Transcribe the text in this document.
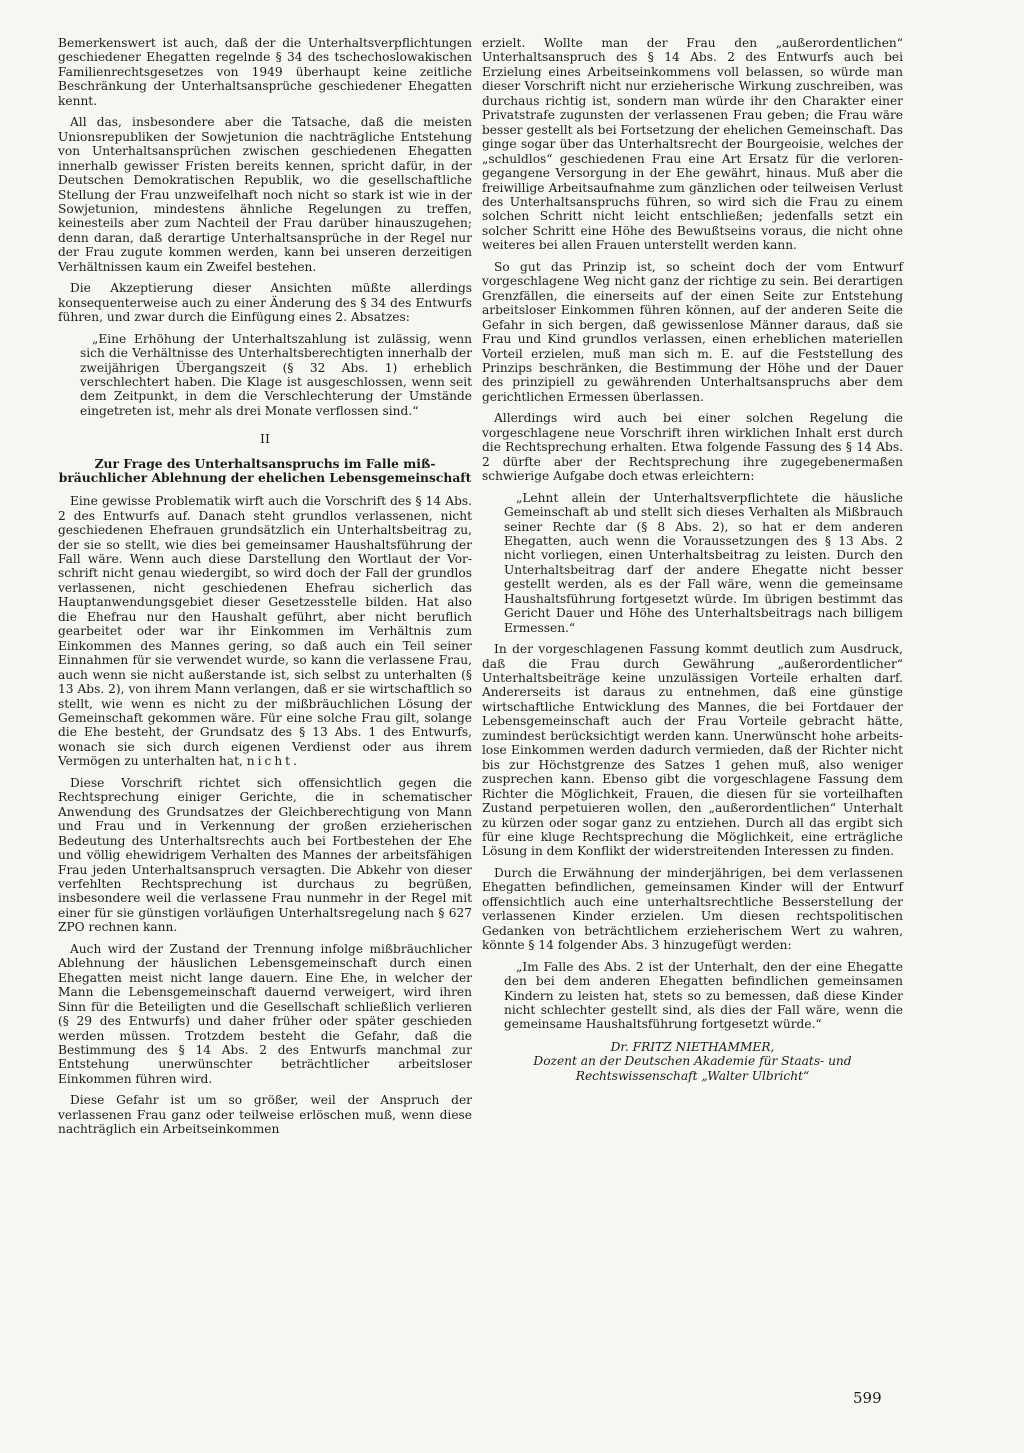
Bemerkenswert ist auch, daß der die Unterhaltsverpflichtungen geschiedener Ehegatten regelnde § 34 des tschechoslowakischen Familienrechtsgesetzes von 1949 überhaupt keine zeitliche Beschränkung der Unterhaltsansprüche geschiedener Ehegatten kennt.

All das, insbesondere aber die Tatsache, daß die meisten Unionsrepubliken der Sowjetunion die nachträgliche Entstehung von Unterhaltsansprüchen zwischen geschiedenen Ehegatten innerhalb gewisser Fristen bereits kennen, spricht dafür, in der Deutschen Demokratischen Republik, wo die gesellschaftliche Stellung der Frau unzweifelhaft noch nicht so stark ist wie in der Sowjetunion, mindestens ähnliche Regelungen zu treffen, keinesteils aber zum Nachteil der Frau darüber hinauszugehen; denn daran, daß derartige Unterhaltsansprüche in der Regel nur der Frau zugute kommen werden, kann bei unseren derzeitigen Verhältnissen kaum ein Zweifel bestehen.

Die Akzeptierung dieser Ansichten müßte allerdings konsequenterweise auch zu einer Änderung des § 34 des Entwurfs führen, und zwar durch die Einfügung eines 2. Absatzes:

„Eine Erhöhung der Unterhaltszahlung ist zulässig, wenn sich die Verhältnisse des Unterhaltsberechtigten innerhalb der zweijährigen Übergangszeit (§ 32 Abs. 1) erheblich verschlechtert haben. Die Klage ist ausgeschlossen, wenn seit dem Zeitpunkt, in dem die Verschlechterung der Umstände eingetreten ist, mehr als drei Monate verflossen sind.“

II
Zur Frage des Unterhaltsanspruchs im Falle mißbräuchlicher Ablehnung der ehelichen Lebensgemeinschaft

Eine gewisse Problematik wirft auch die Vorschrift des § 14 Abs. 2 des Entwurfs auf. Danach steht grundlos verlassenen, nicht geschiedenen Ehefrauen grundsätzlich ein Unterhaltsbeitrag zu, der sie so stellt, wie dies bei gemeinsamer Haushaltsführung der Fall wäre. Wenn auch diese Darstellung den Wortlaut der Vorschrift nicht genau wiedergibt, so wird doch der Fall der grundlos verlassenen, nicht geschiedenen Ehefrau sicherlich das Hauptanwendungsgebiet dieser Gesetzesstelle bilden. Hat also die Ehefrau nur den Haushalt geführt, aber nicht beruflich gearbeitet oder war ihr Einkommen im Verhältnis zum Einkommen des Mannes gering, so daß auch ein Teil seiner Einnahmen für sie verwendet wurde, so kann die verlassene Frau, auch wenn sie nicht außerstande ist, sich selbst zu unterhalten (§ 13 Abs. 2), von ihrem Mann verlangen, daß er sie wirtschaftlich so stellt, wie wenn es nicht zu der mißbräuchlichen Lösung der Gemeinschaft gekommen wäre. Für eine solche Frau gilt, solange die Ehe besteht, der Grundsatz des § 13 Abs. 1 des Entwurfs, wonach sie sich durch eigenen Verdienst oder aus ihrem Vermögen zu unterhalten hat, nicht.

Diese Vorschrift richtet sich offensichtlich gegen die Rechtsprechung einiger Gerichte, die in schematischer Anwendung des Grundsatzes der Gleichberechtigung von Mann und Frau und in Verkennung der großen erzieherischen Bedeutung des Unterhaltsrechts auch bei Fortbestehen der Ehe und völlig ehewidrigem Verhalten des Mannes der arbeitsfähigen Frau jeden Unterhaltsanspruch versagten. Die Abkehr von dieser verfehlten Rechtsprechung ist durchaus zu begrüßen, insbesondere weil die verlassene Frau nunmehr in der Regel mit einer für sie günstigen vorläufigen Unterhaltsregelung nach § 627 ZPO rechnen kann.

Auch wird der Zustand der Trennung infolge mißbräuchlicher Ablehnung der häuslichen Lebensgemeinschaft durch einen Ehegatten meist nicht lange dauern. Eine Ehe, in welcher der Mann die Lebensgemeinschaft dauernd verweigert, wird ihren Sinn für die Beteiligten und die Gesellschaft schließlich verlieren (§ 29 des Entwurfs) und daher früher oder später geschieden werden müssen. Trotzdem besteht die Gefahr, daß die Bestimmung des § 14 Abs. 2 des Entwurfs manchmal zur Entstehung unerwünschter beträchtlicher arbeitsloser Einkommen führen wird.

Diese Gefahr ist um so größer, weil der Anspruch der verlassenen Frau ganz oder teilweise erlöschen muß, wenn diese nachträglich ein Arbeitseinkommen

erzielt. Wollte man der Frau den „außerordentlichen“ Unterhaltsanspruch des § 14 Abs. 2 des Entwurfs auch bei Erzielung eines Arbeitseinkommens voll belassen, so würde man dieser Vorschrift nicht nur erzieherische Wirkung zuschreiben, was durchaus richtig ist, sondern man würde ihr den Charakter einer Privatstrafe zugunsten der verlassenen Frau geben; die Frau wäre besser gestellt als bei Fortsetzung der ehelichen Gemeinschaft. Das ginge sogar über das Unterhaltsrecht der Bourgeoisie, welches der „schuldlos“ geschiedenen Frau eine Art Ersatz für die verlorengegangene Versorgung in der Ehe gewährt, hinaus. Muß aber die freiwillige Arbeitsaufnahme zum gänzlichen oder teilweisen Verlust des Unterhaltsanspruchs führen, so wird sich die Frau zu einem solchen Schritt nicht leicht entschließen; jedenfalls setzt ein solcher Schritt eine Höhe des Bewußtseins voraus, die nicht ohne weiteres bei allen Frauen unterstellt werden kann.

So gut das Prinzip ist, so scheint doch der vom Entwurf vorgeschlagene Weg nicht ganz der richtige zu sein. Bei derartigen Grenzfällen, die einerseits auf der einen Seite zur Entstehung arbeitsloser Einkommen führen können, auf der anderen Seite die Gefahr in sich bergen, daß gewissenlose Männer daraus, daß sie Frau und Kind grundlos verlassen, einen erheblichen materiellen Vorteil erzielen, muß man sich m. E. auf die Feststellung des Prinzips beschränken, die Bestimmung der Höhe und der Dauer des prinzipiell zu gewährenden Unterhaltsanspruchs aber dem gerichtlichen Ermessen überlassen.

Allerdings wird auch bei einer solchen Regelung die vorgeschlagene neue Vorschrift ihren wirklichen Inhalt erst durch die Rechtsprechung erhalten. Etwa folgende Fassung des § 14 Abs. 2 dürfte aber der Rechtsprechung ihre zugegebenermaßen schwierige Aufgabe doch etwas erleichtern:

„Lehnt allein der Unterhaltsverpflichtete die häusliche Gemeinschaft ab und stellt sich dieses Verhalten als Mißbrauch seiner Rechte dar (§ 8 Abs. 2), so hat er dem anderen Ehegatten, auch wenn die Voraussetzungen des § 13 Abs. 2 nicht vorliegen, einen Unterhaltsbeitrag zu leisten. Durch den Unterhaltsbeitrag darf der andere Ehegatte nicht besser gestellt werden, als es der Fall wäre, wenn die gemeinsame Haushaltsführung fortgesetzt würde. Im übrigen bestimmt das Gericht Dauer und Höhe des Unterhaltsbeitrags nach billigem Ermessen.“

In der vorgeschlagenen Fassung kommt deutlich zum Ausdruck, daß die Frau durch Gewährung „außerordentlicher“ Unterhaltsbeiträge keine unzulässigen Vorteile erhalten darf. Andererseits ist daraus zu entnehmen, daß eine günstige wirtschaftliche Entwicklung des Mannes, die bei Fortdauer der Lebensgemeinschaft auch der Frau Vorteile gebracht hätte, zumindest berücksichtigt werden kann. Unerwünscht hohe arbeitslose Einkommen werden dadurch vermieden, daß der Richter nicht bis zur Höchstgrenze des Satzes 1 gehen muß, also weniger zusprechen kann. Ebenso gibt die vorgeschlagene Fassung dem Richter die Möglichkeit, Frauen, die diesen für sie vorteilhaften Zustand perpetuieren wollen, den „außerordentlichen“ Unterhalt zu kürzen oder sogar ganz zu entziehen. Durch all das ergibt sich für eine kluge Rechtsprechung die Möglichkeit, eine erträgliche Lösung in dem Konflikt der widerstreitenden Interessen zu finden.

Durch die Erwähnung der minderjährigen, bei dem verlassenen Ehegatten befindlichen, gemeinsamen Kinder will der Entwurf offensichtlich auch eine unterhaltsrechtliche Besserstellung der verlassenen Kinder erzielen. Um diesen rechtspolitischen Gedanken von beträchtlichem erzieherischem Wert zu wahren, könnte § 14 folgender Abs. 3 hinzugefügt werden:

„Im Falle des Abs. 2 ist der Unterhalt, den der eine Ehegatte den bei dem anderen Ehegatten befindlichen gemeinsamen Kindern zu leisten hat, stets so zu bemessen, daß diese Kinder nicht schlechter gestellt sind, als dies der Fall wäre, wenn die gemeinsame Haushaltsführung fortgesetzt würde.“

Dr. FRITZ NIETHAMMER,
Dozent an der Deutschen Akademie für Staats- und
Rechtswissenschaft „Walter Ulbricht“
599
